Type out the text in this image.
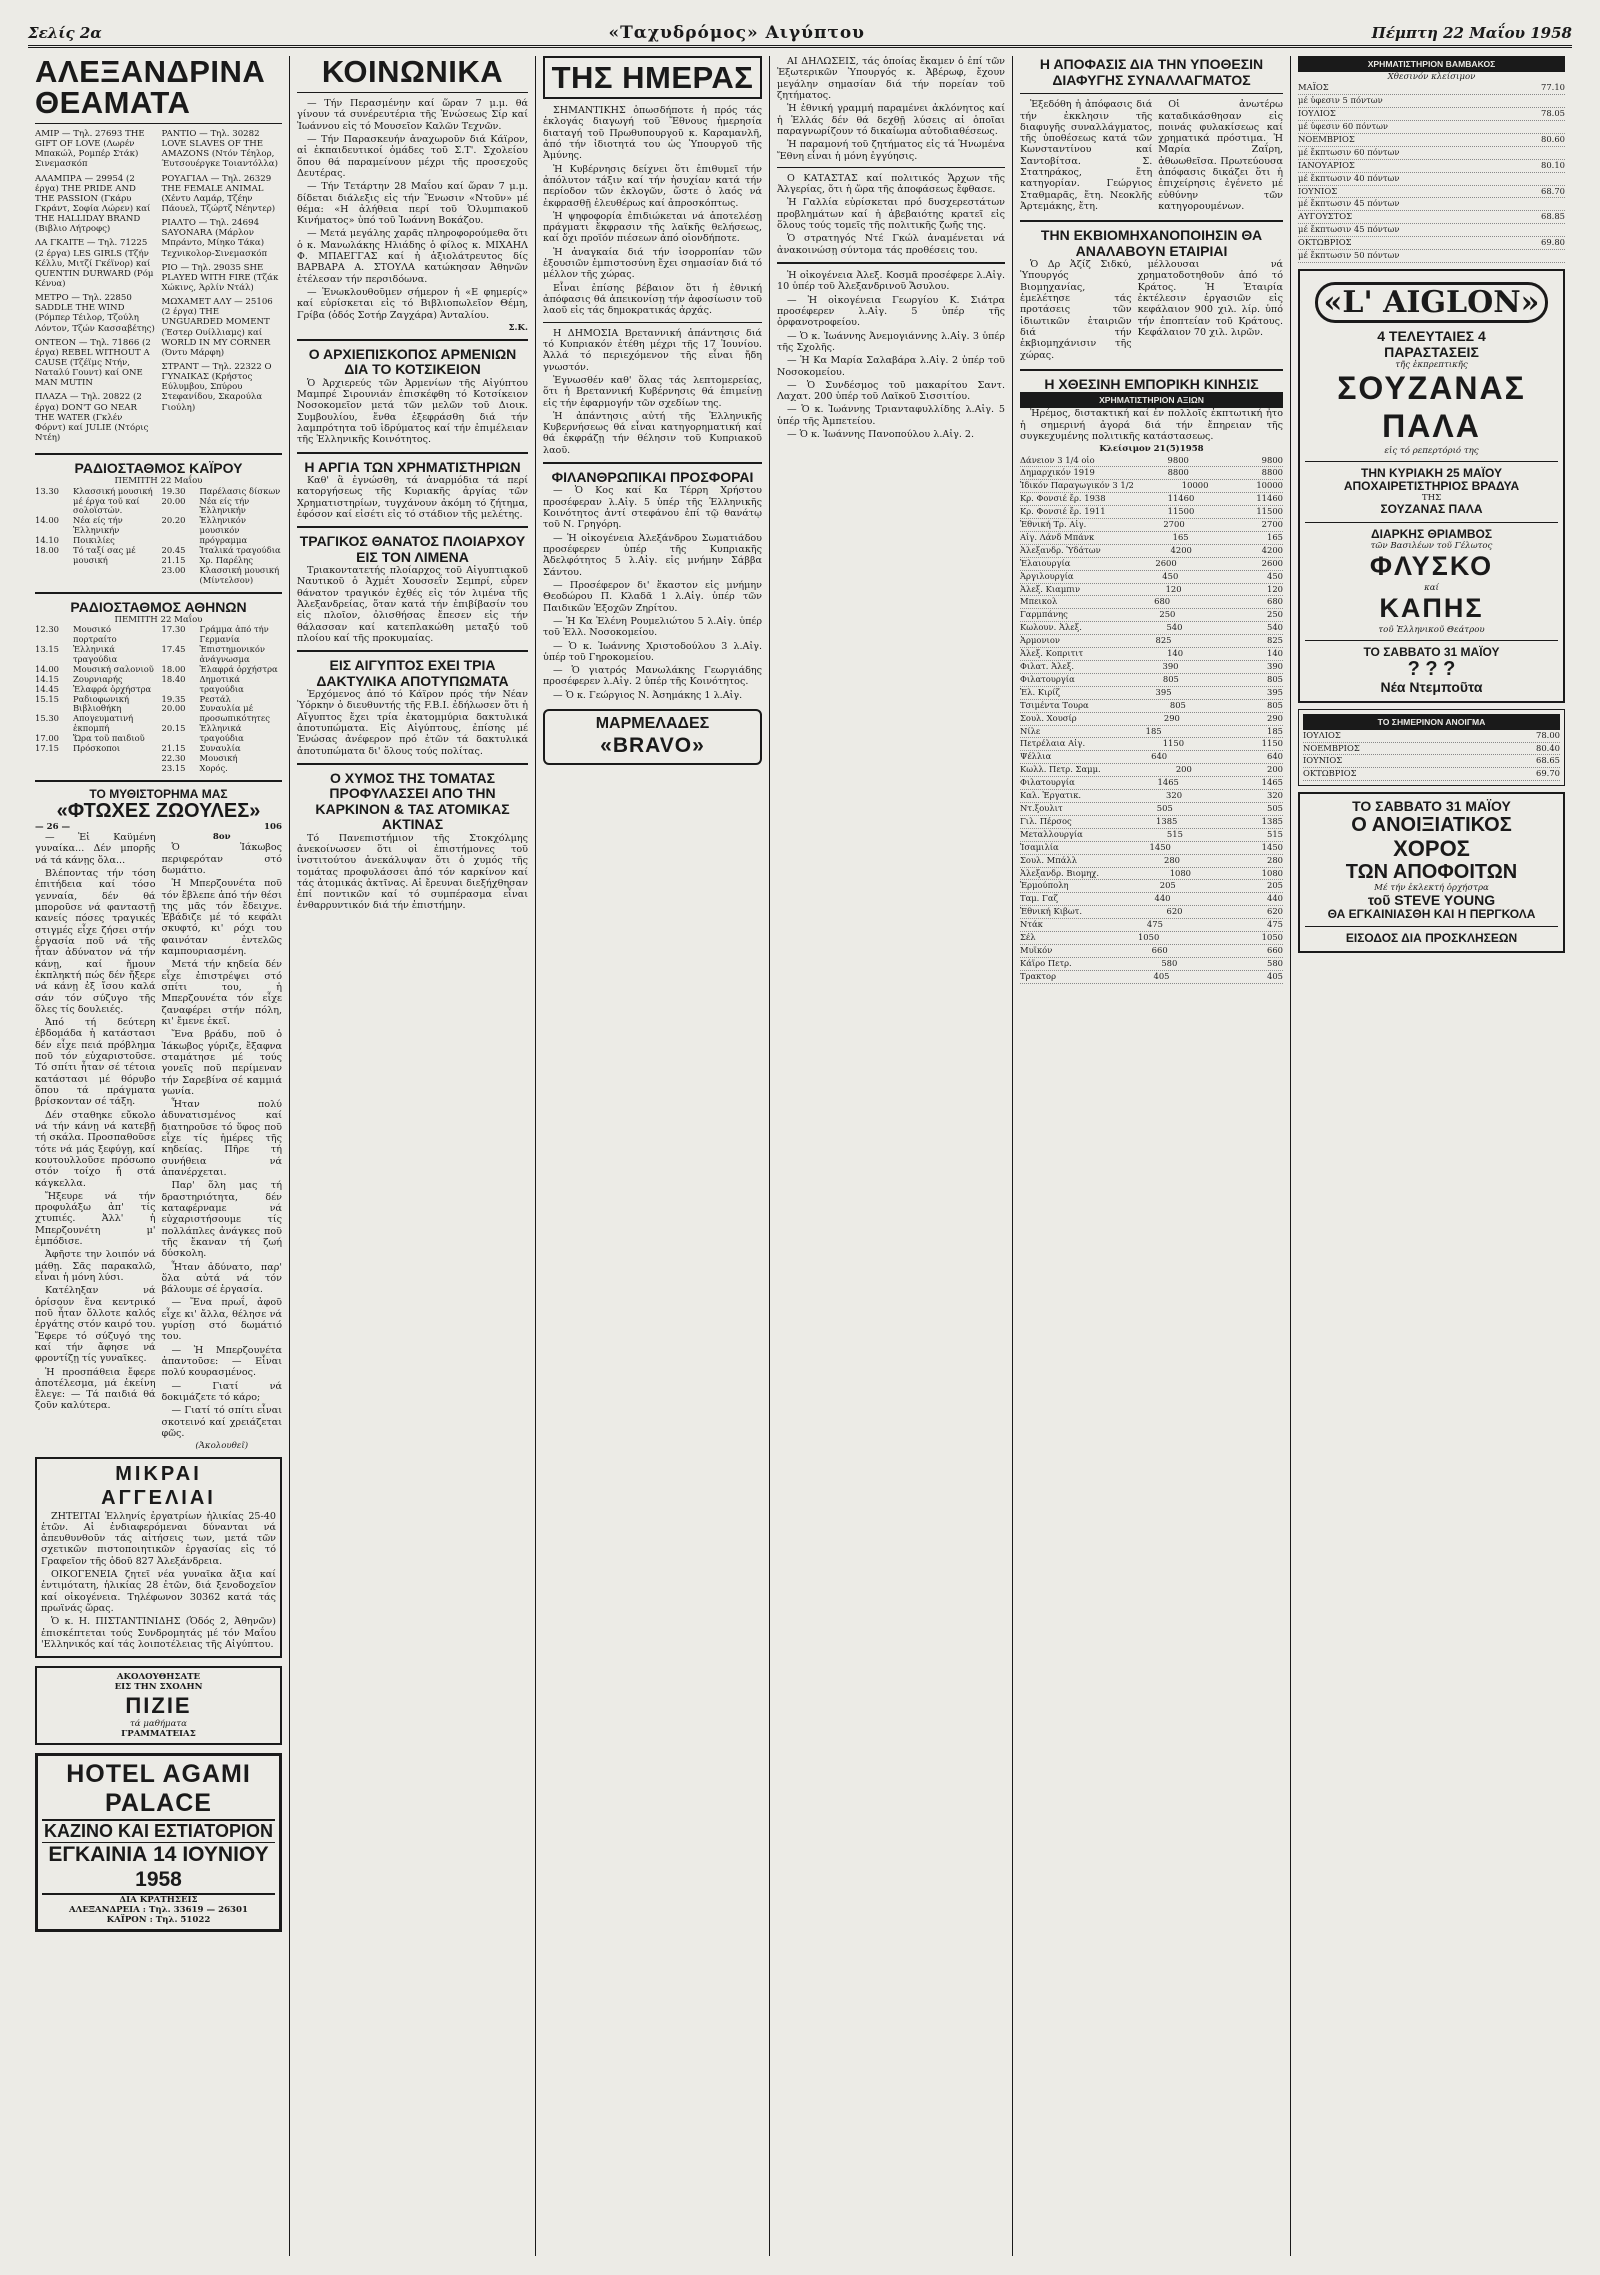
Σελίς 2α	«Ταχυδρόμος» Αιγύπτου	Πέμπτη 22 Μαΐου 1958
ΑΛΕΞΑΝΔΡΙΝΑ ΘΕΑΜΑΤΑ

AMIP — Τηλ. 27693 THE GIFT OF LOVE (Λωρέν Μπακώλ, Ρομπέρ Στάκ) Σινεμασκόπ

ΑΛΑΜΠΡΑ — 29954 (2 έργα) THE PRIDE AND THE PASSION (Γκάρυ Γκράντ, Σοφία Λώρεν) καί THE HALLIDAY BRAND (Βιβλιο Λήτροφς)

ΛΑ ΓΚΑΙΤΕ — Τηλ. 71225 (2 έργα) LES GIRLS (Τζήν Κέλλυ, Μιτζί Γκέϊνορ) καί QUENTIN DURWARD (Ρόμ Κένυα)

ΜΕΤΡΟ — Τηλ. 22850 SADDLE THE WIND (Ρόμπερ Τέιλορ, Τζούλη Λόντον, Τζών Κασσαβέτης)

ΟΝΤΕΟΝ — Τηλ. 71866 (2 έργα) REBEL WITHOUT A CAUSE (Τζέϊμς Ντήν, Ναταλύ Γουντ) καί ONE MAN MUTIN

ΠΛΑΖΑ — Τηλ. 20822 (2 έργα) DON'T GO NEAR THE WATER (Γκλέν Φόρντ) καί JULIE (Ντόρις Ντέη)

PANTIO — Τηλ. 30282 LOVE SLAVES OF THE AMAZONS (Ντόν Τέηλορ, Έυτσουέργκε Τοιαντόλλα)

ΡΟΥΑΓΙΑΛ — Τηλ. 26329 THE FEMALE ANIMAL (Χέντυ Λαμάρ, Τζέην Πάουελ, Τζώρτζ Νέηντερ)

ΡΙΑΛΤΟ — Τηλ. 24694 SAYONARA (Μάρλον Μπράντο, Μίηκο Τάκα) Τεχνικολορ-Σινεμασκόπ

ΡΙΟ — Τηλ. 29035 SHE PLAYED WITH FIRE (Τζάκ Χώκινς, Άρλίν Ντάλ)

ΜΩΧΑΜΕΤ ΑΛΥ — 25106 (2 έργα) THE UNGUARDED MOMENT (Έστερ Ουίλλιαμς) καί WORLD IN MY CORNER (Όντυ Μάρφη)

ΣΤΡΑΝΤ — Τηλ. 22322 Ο ΓΥΝΑΙΚΑΣ (Κρήστος Εύλυμβου, Σπύρου Στεφανίδου, Σκαρούλα Γιούλη)

ΡΑΔΙΟΣΤΑΘΜΟΣ ΚΑΪΡΟΥ
ΠΕΜΠΤΗ 22 Μαΐου
13.30	Κλασσική μουσική μέ έργα τοῦ καί σολοϊστών.
14.00	Νέα είς τήν Ἑλληνικήν
14.10	Ποικιλίες
18.00	Τό ταξί σας μέ μουσική
19.30	Παρέλασις δίσκων
20.00	Νέα είς τήν Ἑλληνικήν
20.20	Ἑλληνικόν μουσικόν πρόγραμμα
20.45	Ἰταλικά τραγούδια
21.15	Χρ. Παρέλης
23.00	Κλασσική μουσική (Μίντελσον)
ΡΑΔΙΟΣΤΑΘΜΟΣ ΑΘΗΝΩΝ
ΠΕΜΠΤΗ 22 Μαΐου
12.30	Μουσικό πορτραίτο
13.15	Ἑλληνικά τραγούδια
14.00	Μουσική σαλονιοῦ
14.15	Ζουρνιαρής
14.45	Ἐλαφρά ὀρχήστρα
15.15	Ραδιοφωνική Βιβλιοθήκη
15.30	Απογευματινή ἐκπομπή
17.00	Ὥρα τοῦ παιδιοῦ
17.15	Πρόσκοποι
17.30	Γράμμα ἀπό τήν Γερμανία
17.45	Ἐπιστημονικόν ἀνάγνωσμα
18.00	Ἐλαφρά ὀρχήστρα
18.40	Δημοτικά τραγούδια
19.35	Ρεστάλ
20.00	Συναυλία μέ προσωπικότητες
20.15	Ἑλληνικά τραγούδια
21.15	Συναυλία
22.30	Μουσική
23.15	Χορός.
ΤΟ ΜΥΘΙΣΤΟΡΗΜΑ ΜΑΣ
«ΦΤΩΧΕΣ ΖΩΟΥΛΕΣ»
— 26 —	106

— Ἐἰ Καϋμένη γυναίκα... Δέν μπορῆς νά τά κάνῃς ὅλα...

Βλέποντας τήν τόση ἐπιτήδεια καί τόσο γενναία, δέν θά μποροῦσε νά φανταστῇ κανείς πόσες τραγικές στιγμές εἶχε ζήσει στήν ἐργασία ποῦ νά τῆς ἦταν ἀδύνατον νά τήν κάνῃ, καί ἤμουν ἐκπληκτή πώς δέν ἤξερε νά κάνῃ ἐξ ἴσου καλά σάν τόν σύζυγο τῆς ὅλες τίς δουλειές.

Ἀπό τή δεύτερη ἑβδομάδα ἡ κατάστασι δέν εἶχε πειά πρόβλημα ποῦ τόν εὐχαριστοῦσε. Τό σπίτι ἦταν σέ τέτοια κατάστασι μέ θόρυβο ὅπου τά πράγματα βρίσκονταν σέ τάξη.

Δέν σταθηκε εὔκολο νά τήν κάνῃ νά κατεβῇ τή σκάλα. Προσπαθοῦσε τότε νά μάς ξεφύγῃ, καί κουτουλλοῦσε πρόσωπο στόν τοίχο ἤ στά κάγκελλα.

Ἤξευρε νά τήν προφυλάξω ἀπ' τίς χτυπιές. Ἀλλ' ἡ Μπερζουνέτη μ' ἐμπόδισε.

Ἀφῆστε την λοιπόν νά μάθῃ. Σᾶς παρακαλῶ, εἶναι ἡ μόνη λύσι.

Κατέληξαν νά ὁρίσουν ἕνα κεντρικό ποῦ ἦταν ὅλλοτε καλός ἐργάτης στόν καιρό του. Ἔφερε τό σύζυγό της καί τήν ἄφησε νά φροντίζῃ τίς γυναῖκες.

Ἡ προσπάθεια ἔφερε ἀποτέλεσμα, μά ἐκείνη ἔλεγε: — Τά παιδιά θά ζοῦν καλύτερα.

8ον

Ὁ Ἰάκωβος περιφερόταν στό δωμάτιο.

Ἡ Μπερζουνέτα ποῦ τόν ἔβλεπε ἀπό τήν θέσι της μᾶς τόν ἔδειχνε. Ἐβάδιζε μέ τό κεφάλι σκυφτό, κι' ρόχι του φαινόταν ἐντελῶς καμπουριασμένη.

Μετά τήν κηδεία δέν εἶχε ἐπιστρέψει στό σπίτι του, ἡ Μπερζουνέτα τόν εἶχε ζαναφέρει στήν πόλη, κι' ἔμενε ἐκεῖ.

Ἔνα βράδυ, ποῦ ὁ Ἰάκωβος γύριζε, ἔξαφνα σταμάτησε μέ τούς γονεῖς ποῦ περίμεναν τήν Σαρεβίνα σέ καμμιά γωνία.

Ἦταν πολύ ἀδυνατισμένος καί διατηροῦσε τό ὕφος ποῦ εἶχε τίς ἡμέρες τῆς κηδείας. Πῆρε τή συνήθεια νά ἀπανέρχεται.

Παρ' ὅλη μας τή δραστηριότητα, δέν καταφέρναμε νά εὐχαριστήσουμε τίς πολλάπλες ἀνάγκες ποῦ τῆς ἔκαναν τή ζωή δύσκολη.

Ἦταν ἀδύνατο, παρ' ὅλα αὐτά νά τόν βάλουμε σέ ἐργασία.

— Ἔνα πρωΐ, ἀφοῦ εἶχε κι' ἄλλα, θέλησε νά γυρίσῃ στό δωμάτιό του.

— Ἡ Μπερζουνέτα ἀπαντοῦσε: — Εἶναι πολύ κουρασμένος.

— Γιατί νά δοκιμάζετε τό κάρο;

— Γιατί τό σπίτι εἶναι σκοτεινό καί χρειάζεται φῶς.

(Ἀκολουθεῖ)
ΜΙΚΡΑΙ
ΑΓΓΕΛΙΑΙ

ΖΗΤΕΙΤΑΙ Ἑλληνίς ἐργατρίων ἡλικίας 25-40 ἐτῶν. Αἱ ἐνδιαφερόμεναι δύνανται νά ἀπευθυνθοῦν τάς αἰτήσεις των, μετά τῶν σχετικῶν πιστοποιητικῶν ἐργασίας εἰς τό Γραφεῖον τῆς ὁδοῦ 827 Ἀλεξάνδρεια.

ΟΙΚΟΓΕΝΕΙΑ ζητεῖ νέα γυναῖκα ἄξια καί ἐντιμότατη, ἡλικίας 28 ἐτῶν, διά ξενοδοχεῖον καί οἰκογένεια. Τηλέφωνον 30362 κατά τάς πρωϊνάς ὥρας.

Ὁ κ. Η. ΠΙΣΤΑΝΤΙΝΙΔΗΣ (Ὁδός 2, Ἀθηνῶν) ἐπισκέπτεται τούς Συνδρομητάς μέ τόν Μαΐου 'Ελληνικός καί τάς λοιποτέλειας τῆς Αἰγύπτου.

ΑΚΟΛΟΥΘΗΣΑΤΕ
ΕΙΣ ΤΗΝ ΣΧΟΛΗΝ
ΠΙΖΙΕ
τά μαθήματα
ΓΡΑΜΜΑΤΕΙΑΣ
HOTEL AGAMI PALACE
ΚΑΖΙΝΟ ΚΑΙ ΕΣΤΙΑΤΟΡΙΟΝ
ΕΓΚΑΙΝΙΑ 14 ΙΟΥΝΙΟΥ 1958
ΔΙΑ ΚΡΑΤΗΣΕΙΣ
ΑΛΕΞΑΝΔΡΕΙΑ : Τηλ. 33619 — 26301
ΚΑΪΡΟΝ : Τηλ. 51022
ΚΟΙΝΩΝΙΚΑ

— Τήν Περασμένην καί ὥραν 7 μ.μ. θά γίνουν τά συνέρευτέρια τῆς Ἐνώσεως Σίρ καί Ἰωάννου εἰς τό Μουσεῖον Καλῶν Τεχνῶν.

— Τήν Παρασκευήν ἀναχωροῦν διά Κάϊρον, αἱ ἐκπαιδευτικοί ὁμάδες τοῦ Σ.Τ'. Σχολείου ὅπου θά παραμείνουν μέχρι τῆς προσεχοῦς Δευτέρας.

— Τήν Τετάρτην 28 Μαΐου καί ὥραν 7 μ.μ. δίδεται διάλεξις εἰς τήν Ἕνωσιν «Ντοῦν» μέ θέμα: «Η ἀλήθεια περί τοῦ Ὁλυμπιακοῦ Κινήματος» ὑπό τοῦ Ἰωάννη Βοκάζου.

— Μετά μεγάλης χαρᾶς πληροφορούμεθα ὅτι ὁ κ. Μανωλάκης Ηλιάδης ὁ φίλος κ. ΜΙΧΑΗΛ Φ. ΜΠΑΕΓΓΑΣ καί ἡ ἀξιολάτρευτος δίς ΒΑΡΒΑΡΑ Α. ΣΤΟΥΛΑ κατώκησαν Ἀθηνῶν ἐτέλεσαν τήν περσιδόωνα.

— Ἐνωκλουθοῦμεν σήμερον ἡ «Ε φημερίς» καί εὐρίσκεται εἰς τό Βιβλιοπωλεῖον Θέμη, Γρίβα (ὁδός Σοτήρ Ζαγχάρα) Ἀνταλίου.

Σ.Κ.
Ο ΑΡΧΙΕΠΙΣΚΟΠΟΣ ΑΡΜΕΝΙΩΝ ΔΙΑ ΤΟ ΚΟΤΣΙΚΕΙΟΝ

Ὁ Ἀρχιερεύς τῶν Ἀρμενίων τῆς Αἰγύπτου Μαμπρέ Σιρουνιάν ἐπισκέφθη τό Κοτσίκειον Νοσοκομεῖον μετά τῶν μελῶν τοῦ Διοικ. Συμβουλίου, ἔνθα ἐξεφράσθη διά τήν λαμπρότητα τοῦ ἱδρύματος καί τήν ἐπιμέλειαν τῆς Ἑλληνικῆς Κοινότητος.

Η ΑΡΓΙΑ ΤΩΝ ΧΡΗΜΑΤΙΣΤΗΡΙΩΝ

Καθ' ἃ ἐγνώσθη, τά ἀναρμόδια τά περί κατοργήσεως τῆς Κυριακῆς ἀργίας τῶν Χρηματιστηρίων, τυγχάνουν ἀκόμη τό ζήτημα, ἐφόσον καί εἰσέτι εἰς τό στάδιον τῆς μελέτης.

ΤΡΑΓΙΚΟΣ ΘΑΝΑΤΟΣ ΠΛΟΙΑΡΧΟΥ ΕΙΣ ΤΟΝ ΛΙΜΕΝΑ

Τριακοντατετής πλοίαρχος τοῦ Αἰγυπτιακοῦ Ναυτικοῦ ὁ Ἀχμέτ Χουσσεΐν Σεμπρί, εὗρεν θάνατον τραγικόν ἐχθές εἰς τόν λιμένα τῆς Ἀλεξανδρείας, ὅταν κατά τήν ἐπιβίβασίν του εἰς πλοῖον, ὀλισθήσας ἔπεσεν εἰς τήν θάλασσαν καί κατεπλακώθη μεταξύ τοῦ πλοίου καί τῆς προκυμαίας.

ΕΙΣ ΑΙΓΥΠΤΟΣ ΕΧΕΙ ΤΡΙΑ ΔΑΚΤΥΛΙΚΑ ΑΠΟΤΥΠΩΜΑΤΑ

Ἐρχόμενος ἀπό τό Κάϊρον πρός τήν Νέαν Ὑόρκην ὁ διευθυντής τῆς F.B.I. ἐδήλωσεν ὅτι ἡ Αἴγυπτος ἔχει τρία ἐκατομμύρια δακτυλικά ἀποτυπώματα. Εἰς Αἰγύπτους, ἐπίσης μέ Ἐνώσας ἀνέφερον πρό ἐτῶν τά δακτυλικά ἀποτυπώματα δι' ὅλους τούς πολίτας.

Ο ΧΥΜΟΣ ΤΗΣ ΤΟΜΑΤΑΣ ΠΡΟΦΥΛΑΣΣΕΙ ΑΠΟ ΤΗΝ ΚΑΡΚΙΝΟΝ & ΤΑΣ ΑΤΟΜΙΚΑΣ ΑΚΤΙΝΑΣ

Τό Πανεπιστήμιον τῆς Στοκχόλμης ἀνεκοίνωσεν ὅτι οἱ ἐπιστήμονες τοῦ ἰνστιτούτου ἀνεκάλυψαν ὅτι ὁ χυμός τῆς τομάτας προφυλάσσει ἀπό τόν καρκίνον καί τάς ἀτομικάς ἀκτῖνας. Αἱ ἔρευναι διεξήχθησαν ἐπί ποντικῶν καί τό συμπέρασμα εἶναι ἐνθαρρυντικόν διά τήν ἐπιστήμην.

ΤΗΣ ΗΜΕΡΑΣ

ΣΗΜΑΝΤΙΚΗΣ ὁπωσδήποτε ἡ πρός τάς ἐκλογάς διαγωγή τοῦ Ἔθνους ἡμερησία διαταγή τοῦ Πρωθυπουργοῦ κ. Καραμανλῆ, ἀπό τήν ἰδιοτητά του ὡς Ὑπουργοῦ τῆς Ἀμύνης.

Ἡ Κυβέρνησις δείχνει ὅτι ἐπιθυμεῖ τήν ἀπόλυτον τάξιν καί τήν ἡσυχίαν κατά τήν περίοδον τῶν ἐκλογῶν, ὥστε ὁ λαός νά ἐκφρασθῇ ἐλευθέρως καί ἀπροσκόπτως.

Ἡ ψηφοφορία ἐπιδιώκεται νά ἀποτελέσῃ πράγματι ἔκφρασιν τῆς λαϊκῆς θελήσεως, καί ὄχι προϊόν πιέσεων ἀπό οἱονδήποτε.

Ἡ ἀναγκαία διά τήν ἰσορροπίαν τῶν ἐξουσιῶν ἐμπιστοσύνη ἔχει σημασίαν διά τό μέλλον τῆς χώρας.

Εἶναι ἐπίσης βέβαιον ὅτι ἡ ἐθνική ἀπόφασις θά ἀπεικονίσῃ τήν ἀφοσίωσιν τοῦ λαοῦ εἰς τάς δημοκρατικάς ἀρχάς.

Η ΔΗΜΟΣΙΑ Βρεταννική ἀπάντησις διά τό Κυπριακόν ἐτέθη μέχρι τῆς 17 Ἰουνίου. Ἀλλά τό περιεχόμενον τῆς εἶναι ἤδη γνωστόν.

Ἐγνωσθέν καθ' ὅλας τάς λεπτομερείας, ὅτι ἡ Βρεταννική Κυβέρνησις θά ἐπιμείνῃ εἰς τήν ἐφαρμογήν τῶν σχεδίων της.

Ἡ ἀπάντησις αὐτή τῆς Ἑλληνικῆς Κυβερνήσεως θά εἶναι κατηγορηματική καί θά ἐκφράζῃ τήν θέλησιν τοῦ Κυπριακοῦ λαοῦ.

ΦΙΛΑΝΘΡΩΠΙΚΑΙ ΠΡΟΣΦΟΡΑΙ

— Ὁ Κος καί Κα Τέρρη Χρήστου προσέφεραν λ.Αἰγ. 5 ὑπέρ τῆς Ἑλληνικῆς Κοινότητος ἀντί στεφάνου ἐπί τῷ θανάτῳ τοῦ Ν. Γρηγόρη.

— Ἡ οἰκογένεια Ἀλεξάνδρου Σωματιάδου προσέφερεν ὑπέρ τῆς Κυπριακῆς Ἀδελφότητος 5 λ.Αἰγ. εἰς μνήμην Σάββα Σάντου.

— Προσέφερον δι' ἕκαστον εἰς μνήμην Θεοδώρου Π. Κλαδᾶ 1 λ.Αἰγ. ὑπέρ τῶν Παιδικῶν Ἐξοχῶν Ζηρίτου.

— Ἡ Κα Ἐλένη Ρουμελιώτου 5 λ.Αἰγ. ὑπέρ τοῦ Ἑλλ. Νοσοκομείου.

— Ὁ κ. Ἰωάννης Χριστοδούλου 3 λ.Αἰγ. ὑπέρ τοῦ Γηροκομείου.

— Ὁ γιατρός Μανωλάκης Γεωργιάδης προσέφερεν λ.Αἰγ. 2 ὑπέρ τῆς Κοινότητος.

— Ὁ κ. Γεώργιος Ν. Ἀσημάκης 1 λ.Αἰγ.

ΜΑΡΜΕΛΑΔΕΣ
«BRAVO»

ΑΙ ΔΗΛΩΣΕΙΣ, τάς ὁποίας ἔκαμεν ὁ ἐπί τῶν Ἐξωτερικῶν Ὑπουργός κ. Ἀβέρωφ, ἔχουν μεγάλην σημασίαν διά τήν πορείαν τοῦ ζητήματος.

Ἡ ἐθνική γραμμή παραμένει ἀκλόνητος καί ἡ Ἑλλάς δέν θά δεχθῇ λύσεις αἱ ὁποῖαι παραγνωρίζουν τό δικαίωμα αὐτοδιαθέσεως.

Ἡ παραμονή τοῦ ζητήματος εἰς τά Ἡνωμένα Ἔθνη εἶναι ἡ μόνη ἐγγύησις.

Ο ΚΑΤΑΣΤΑΣ καί πολιτικός Ἄρχων τῆς Ἀλγερίας, ὅτι ἡ ὥρα τῆς ἀποφάσεως ἔφθασε.

Ἡ Γαλλία εὑρίσκεται πρό δυσχερεστάτων προβλημάτων καί ἡ ἀβεβαιότης κρατεῖ εἰς ὅλους τούς τομεῖς τῆς πολιτικῆς ζωῆς της.

Ὁ στρατηγός Ντέ Γκώλ ἀναμένεται νά ἀνακοινώσῃ σύντομα τάς προθέσεις του.

Ἡ οἰκογένεια Ἀλεξ. Κοσμᾶ προσέφερε λ.Αἰγ. 10 ὑπέρ τοῦ Ἀλεξανδρινοῦ Ἄσυλου.

— Ἡ οἰκογένεια Γεωργίου Κ. Σιάτρα προσέφερεν λ.Αἰγ. 5 ὑπέρ τῆς ὀρφανοτροφείου.

— Ὁ κ. Ἰωάννης Ἀνεμογιάννης λ.Αἰγ. 3 ὑπέρ τῆς Σχολῆς.

— Ἡ Κα Μαρία Σαλαβάρα λ.Αἰγ. 2 ὑπέρ τοῦ Νοσοκομείου.

— Ὁ Συνδέσμος τοῦ μακαρίτου Σαντ. Λαχατ. 200 ὑπέρ τοῦ Λαϊκοῦ Σισσιτίου.

— Ὁ κ. Ἰωάννης Τριανταφυλλίδης λ.Αἰγ. 5 ὑπέρ τῆς Ἀμπετείου.

— Ὁ κ. Ἰωάννης Πανοπούλου λ.Αἰγ. 2.

Η ΑΠΟΦΑΣΙΣ ΔΙΑ ΤΗΝ ΥΠΟΘΕΣΙΝ ΔΙΑΦΥΓΗΣ ΣΥΝΑΛΛΑΓΜΑΤΟΣ

Ἐξεδόθη ἡ ἀπόφασις διά τήν ἐκκλησιν τῆς διαφυγῆς συναλλάγματος, τῆς ὑποθέσεως κατά τῶν Κωνσταντίνου καί Σαντοβίτσα. Σ. Στατηράκος, ἔτη κατηγορίαν. Γεώργιος Σταθμαρᾶς, ἔτη. Νεοκλῆς Ἀρτεμάκης, ἔτη.

Οἱ ἀνωτέρω καταδικάσθησαν εἰς ποινάς φυλακίσεως καί χρηματικά πρόστιμα. Ἡ Μαρία Ζαΐρη, ἀθωωθεῖσα. Πρωτεύουσα ἀπόφασις δικάζει ὅτι ἡ ἐπιχείρησις ἐγένετο μέ εὐθύνην τῶν κατηγορουμένων.

ΤΗΝ ΕΚΒΙΟΜΗΧΑΝΟΠΟΙΗΣΙΝ ΘΑ ΑΝΑΛΑΒΟΥΝ ΕΤΑΙΡΙΑΙ

Ὁ Δρ Ἀζίζ Σιδκύ, Ὑπουργός Βιομηχανίας, ἐμελέτησε τάς προτάσεις τῶν ἰδιωτικῶν ἑταιριῶν διά τήν ἐκβιομηχάνισιν τῆς χώρας.

μέλλουσαι νά χρηματοδοτηθοῦν ἀπό τό Κράτος. Ἡ Ἑταιρία ἐκτέλεσιν ἐργασιῶν εἰς κεφάλαιον 900 χιλ. λίρ. ὑπό τήν ἐποπτείαν τοῦ Κράτους. Κεφάλαιον 70 χιλ. λιρῶν.

Η ΧΘΕΣΙΝΗ ΕΜΠΟΡΙΚΗ ΚΙΝΗΣΙΣ
ΧΡΗΜΑΤΙΣΤΗΡΙΟΝ ΑΞΙΩΝ

Ἠρέμος, διστακτική καί ἐν πολλοῖς ἐκπτωτική ἦτο ἡ σημερινή ἀγορά διά τήν ἔπηρειαν τῆς συγκεχυμένης πολιτικῆς κατάστασεως.

Κλείσιμον 21(5)1958
Δάνειον 3 1/4 οἰο	9800	9800
Δημαρχικόν 1919	8800	8800
Ἰδικόν Παραγωγικόν 3 1/2	10000	10000
Κρ. Φονσιέ ἔρ. 1938	11460	11460
Κρ. Φονσιέ ἔρ. 1911	11500	11500
Ἐθνική Τρ. Αἰγ.	2700	2700
Αἰγ. Λάνδ Μπάνκ	165	165
Ἀλεξανδρ. Ὑδάτων	4200	4200
Ἐλαιουργία	2600	2600
Ἀργιλουργία	450	450
Ἀλεξ. Κιαμπιν	120	120
Μπεικολ	680	680
Γαρμπάνης	250	250
Κωλουν. Ἀλεξ.	540	540
Ἁρμονιον	825	825
Ἀλεξ. Κοπριτιτ	140	140
Φιλατ. Ἀλεξ.	390	390
Φιλατουργία	805	805
Ἐλ. Κιρίζ	395	395
Τσιμέντα Τουρα	805	805
Σουλ. Χουσίρ	290	290
Νίλε	185	185
Πετρέλαια Αἰγ.	1150	1150
Ψέλλια	640	640
Κωλλ. Πετρ. Σαμμ.	200	200
Φιλατουργία	1465	1465
Καλ. Ἐργατικ.	320	320
Ντ.ξουλιτ	505	505
Γιλ. Πέρσος	1385	1385
Μεταλλουργία	515	515
Ἰσαμιλία	1450	1450
Σουλ. Μπάλλ	280	280
Ἀλεξανδρ. Βιομηχ.	1080	1080
Ἐρμούπολη	205	205
Ταμ. Γαζ	440	440
Ἐθνική Κιβωτ.	620	620
Ντάκ	475	475
Σέλ	1050	1050
Μυϊκόν	660	660
Κάϊρο Πετρ.	580	580
Τρακτορ	405	405
ΧΡΗΜΑΤΙΣΤΗΡΙΟΝ ΒΑΜΒΑΚΟΣ
Χθεσινόν κλείσιμον
ΜΑΪΟΣ	77.10
μέ ὑφεσιν 5 πόντων
ΙΟΥΛΙΟΣ	78.05
μέ ὑφεσιν 60 πόντων
ΝΟΕΜΒΡΙΟΣ	80.60
μέ ἔκπτωσιν 60 πόντων
ΙΑΝΟΥΑΡΙΟΣ	80.10
μέ ἔκπτωσιν 40 πόντων
ΙΟΥΝΙΟΣ	68.70
μέ ἔκπτωσιν 45 πόντων
ΑΥΓΟΥΣΤΟΣ	68.85
μέ ἔκπτωσιν 45 πόντων
ΟΚΤΩΒΡΙΟΣ	69.80
μέ ἔκπτωσιν 50 πόντων
«L' AIGLON»
4 ΤΕΛΕΥΤΑΙΕΣ 4
ΠΑΡΑΣΤΑΣΕΙΣ
τῆς ἐκπρεπτικῆς
ΣΟΥΖΑΝΑΣ
ΠΑΛΑ
εἰς τό ρεπερτόριό της
ΤΗΝ ΚΥΡΙΑΚΗ 25 ΜΑΪΟΥ
ΑΠΟΧΑΙΡΕΤΙΣΤΗΡΙΟΣ ΒΡΑΔΥΑ
ΤΗΣ
ΣΟΥΖΑΝΑΣ ΠΑΛΑ
ΔΙΑΡΚΗΣ ΘΡΙΑΜΒΟΣ
τῶν Βασιλέων τοῦ Γέλωτος
ΦΛΥΣΚΟ
καί
ΚΑΠΗΣ
τοῦ Ἑλληνικοῦ Θεάτρου
ΤΟ ΣΑΒΒΑΤΟ 31 ΜΑΪΟΥ
? ? ?
Νέα Ντεμποῦτα
ΤΟ ΣΗΜΕΡΙΝΟΝ ΑΝΟΙΓΜΑ
ΙΟΥΛΙΟΣ	78.00
ΝΟΕΜΒΡΙΟΣ	80.40
ΙΟΥΝΙΟΣ	68.65
ΟΚΤΩΒΡΙΟΣ	69.70
ΤΟ ΣΑΒΒΑΤΟ 31 ΜΑΪΟΥ
Ο ΑΝΟΙΞΙΑΤΙΚΟΣ
ΧΟΡΟΣ
ΤΩΝ ΑΠΟΦΟΙΤΩΝ
Μέ τήν ἐκλεκτή ὀρχήστρα
τοῦ STEVE YOUNG
ΘΑ ΕΓΚΑΙΝΙΑΣΘΗ ΚΑΙ Η ΠΕΡΓΚΟΛΑ
ΕΙΣΟΔΟΣ ΔΙΑ ΠΡΟΣΚΛΗΣΕΩΝ
